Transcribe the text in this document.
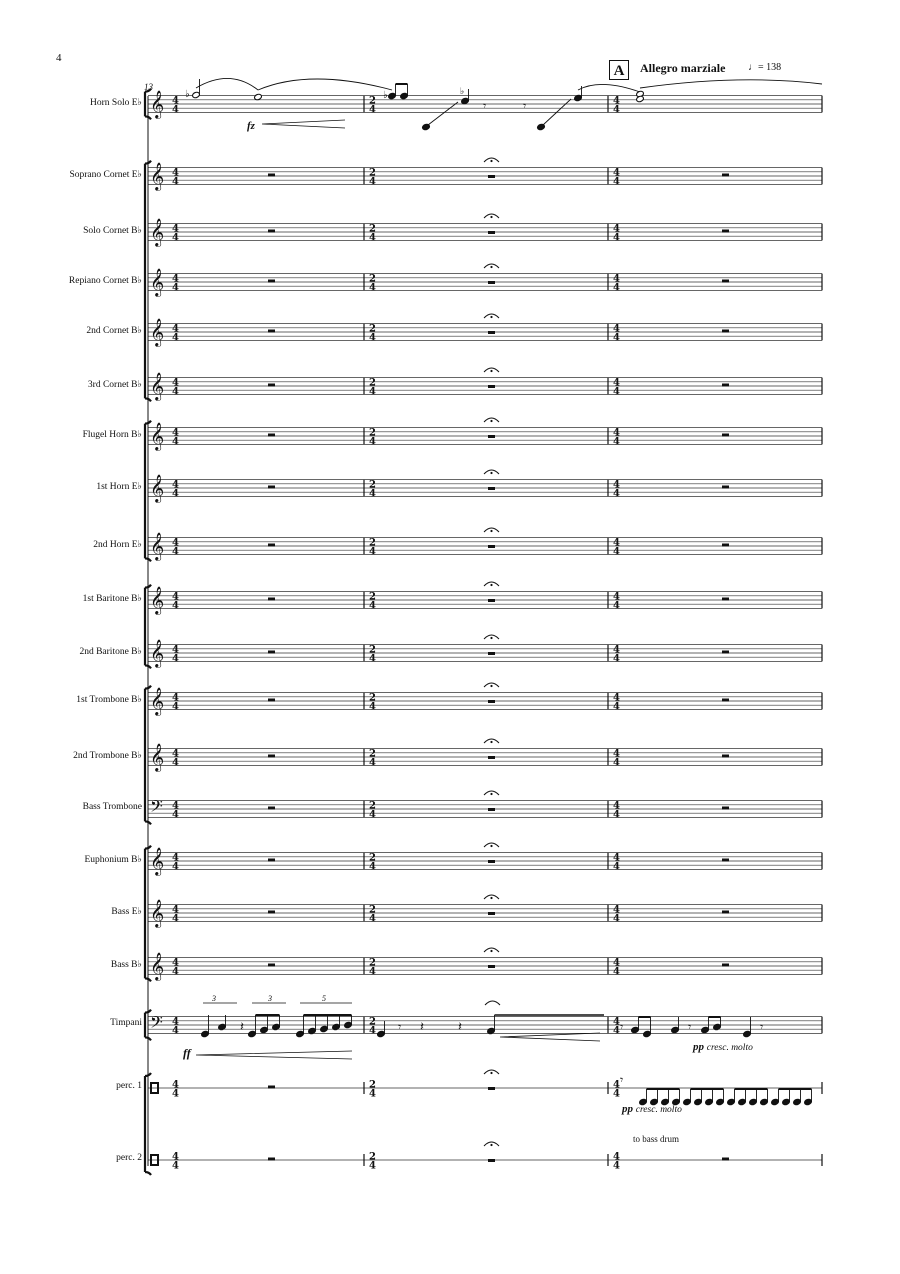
4
A	Allegro marziale ♩= 138
13
𝄞 4
4
2
4
4
4
𝄞 4
4
2
4
4
4
𝄞 4
4
2
4
4
4
𝄞 4
4
2
4
4
4
𝄞 4
4
2
4
4
4
𝄞 4
4
2
4
4
4
𝄞 4
4
2
4
4
4
𝄞 4
4
2
4
4
4
𝄞 4
4
2
4
4
4
𝄞 4
4
2
4
4
4
𝄞 4
4
2
4
4
4
𝄞 4
4
2
4
4
4
𝄞 4
4
2
4
4
4
𝄢 4
4
2
4
4
4
𝄞 4
4
2
4
4
4
𝄞 4
4
2
4
4
4
𝄞 4
4
2
4
4
4
𝄢 4
4
2
4
4
4
4
4
2
4
4
4
4
4
2
4
4
4
♭	♭	♭
𝄾	𝄾
𝄽	𝄾 𝄽	𝄽	𝄾	𝄾	𝄾
𝄾
Horn Solo E♭
Soprano Cornet E♭
Solo Cornet B♭
Repiano Cornet B♭
2nd Cornet B♭
3rd Cornet B♭
Flugel Horn B♭
1st Horn E♭
2nd Horn E♭
1st Baritone B♭
2nd Baritone B♭
1st Trombone B♭
2nd Trombone B♭
Bass Trombone
Euphonium B♭
Bass E♭
Bass B♭
Timpani
perc. 1
perc. 2
fz
ff	pp cresc. molto
pp cresc. molto
to bass drum
3	3	5
